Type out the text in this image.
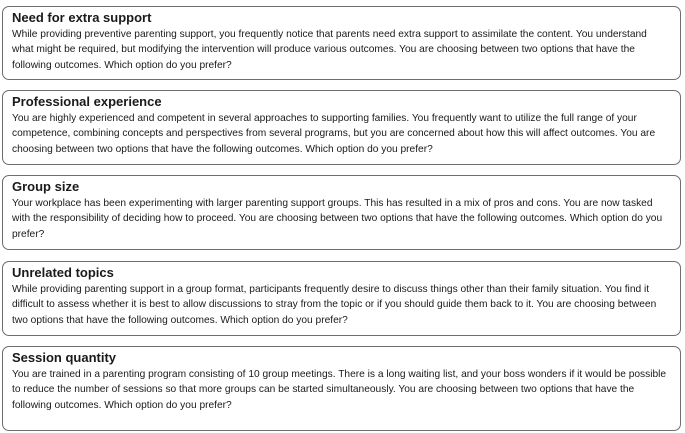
Need for extra support

While providing preventive parenting support, you frequently notice that parents need extra support to assimilate the content. You understand what might be required, but modifying the intervention will produce various outcomes. You are choosing between two options that have the following outcomes. Which option do you prefer?

Professional experience

You are highly experienced and competent in several approaches to supporting families. You frequently want to utilize the full range of your competence, combining concepts and perspectives from several programs, but you are concerned about how this will affect outcomes. You are choosing between two options that have the following outcomes. Which option do you prefer?

Group size

Your workplace has been experimenting with larger parenting support groups. This has resulted in a mix of pros and cons. You are now tasked with the responsibility of deciding how to proceed. You are choosing between two options that have the following outcomes. Which option do you prefer?

Unrelated topics

While providing parenting support in a group format, participants frequently desire to discuss things other than their family situation. You find it difficult to assess whether it is best to allow discussions to stray from the topic or if you should guide them back to it. You are choosing between two options that have the following outcomes. Which option do you prefer?

Session quantity

You are trained in a parenting program consisting of 10 group meetings. There is a long waiting list, and your boss wonders if it would be possible to reduce the number of sessions so that more groups can be started simultaneously. You are choosing between two options that have the following outcomes. Which option do you prefer?
